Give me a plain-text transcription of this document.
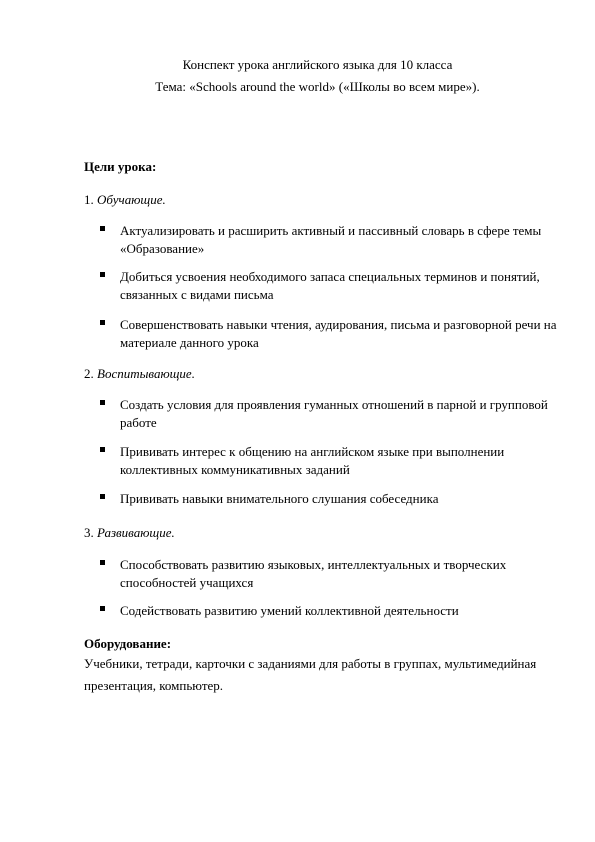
Конспект урока английского языка для 10 класса
Тема: «Schools around the world» («Школы во всем мире»).
Цели урока:
1. Обучающие.
Актуализировать и расширить активный и пассивный словарь в сфере темы «Образование»
Добиться усвоения необходимого запаса специальных терминов и понятий, связанных с видами письма
Совершенствовать навыки чтения, аудирования, письма и разговорной речи на материале данного урока
2. Воспитывающие.
Создать условия для проявления гуманных отношений в парной и групповой работе
Прививать интерес к общению на английском языке при выполнении коллективных коммуникативных заданий
Прививать навыки внимательного слушания собеседника
3. Развивающие.
Способствовать развитию языковых, интеллектуальных и творческих способностей учащихся
Содействовать развитию умений коллективной деятельности
Оборудование:
Учебники, тетради, карточки с заданиями для работы в группах, мультимедийная презентация, компьютер.
